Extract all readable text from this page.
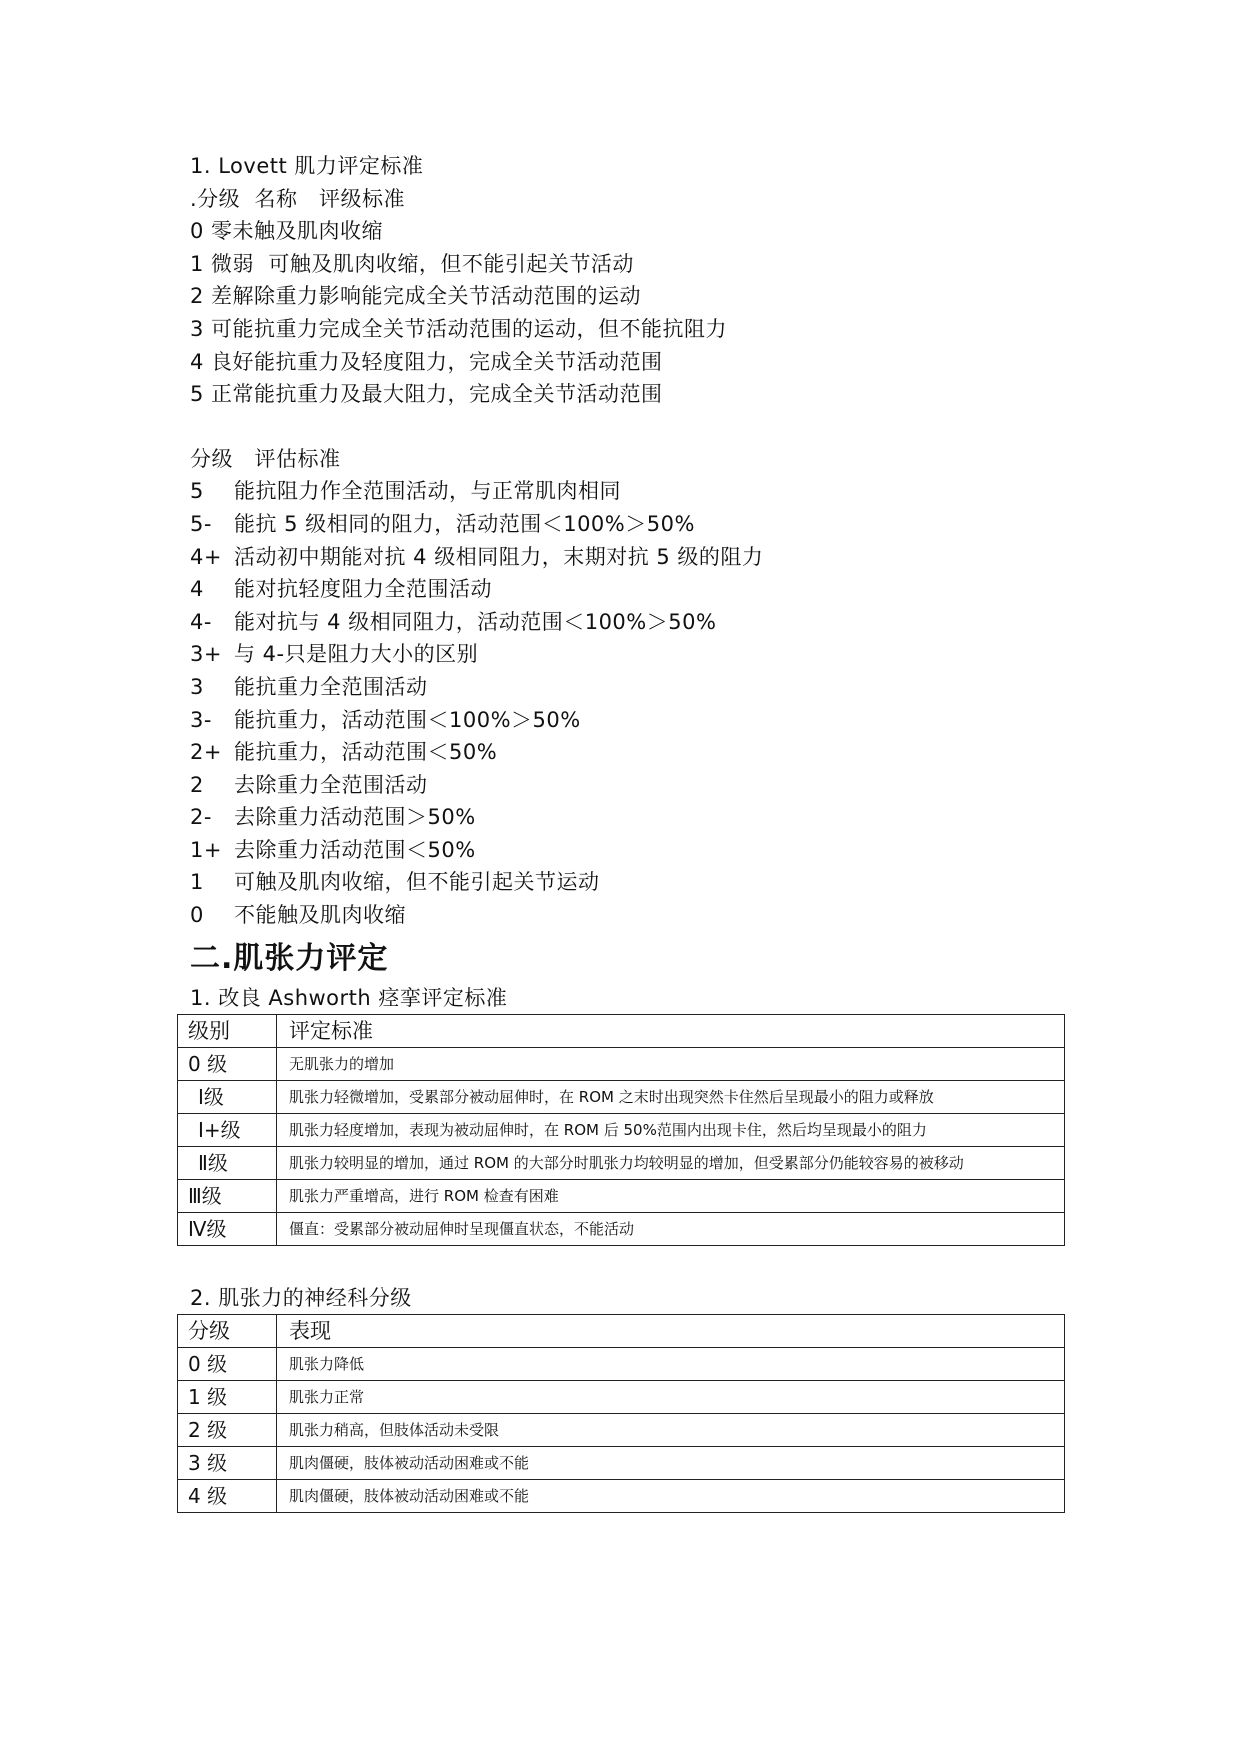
1. Lovett 肌力评定标准
.分级  名称   评级标准
0 零未触及肌肉收缩
1 微弱  可触及肌肉收缩，但不能引起关节活动
2 差解除重力影响能完成全关节活动范围的运动
3 可能抗重力完成全关节活动范围的运动，但不能抗阻力
4 良好能抗重力及轻度阻力，完成全关节活动范围
5 正常能抗重力及最大阻力，完成全关节活动范围
分级   评估标准
5	能抗阻力作全范围活动，与正常肌肉相同
5-	能抗 5 级相同的阻力，活动范围＜100%＞50%
4+ 活动初中期能对抗 4 级相同阻力，末期对抗 5 级的阻力
4	能对抗轻度阻力全范围活动
4-	能对抗与 4 级相同阻力，活动范围＜100%＞50%
3+ 与 4-只是阻力大小的区别
3	能抗重力全范围活动
3-	能抗重力，活动范围＜100%＞50%
2+ 能抗重力，活动范围＜50%
2	去除重力全范围活动
2-	去除重力活动范围＞50%
1+ 去除重力活动范围＜50%
1	可触及肌肉收缩，但不能引起关节运动
0	不能触及肌肉收缩
二.肌张力评定
1. 改良 Ashworth 痉挛评定标准
级别	评定标准
0 级	无肌张力的增加
Ⅰ级	肌张力轻微增加，受累部分被动屈伸时，在 ROM 之末时出现突然卡住然后呈现最小的阻力或释放
Ⅰ+级	肌张力轻度增加，表现为被动屈伸时，在 ROM 后 50%范围内出现卡住，然后均呈现最小的阻力
Ⅱ级	肌张力较明显的增加，通过 ROM 的大部分时肌张力均较明显的增加，但受累部分仍能较容易的被移动
Ⅲ级	肌张力严重增高，进行 ROM 检查有困难
Ⅳ级	僵直：受累部分被动屈伸时呈现僵直状态，不能活动
2. 肌张力的神经科分级
分级	表现
0 级	肌张力降低
1 级	肌张力正常
2 级	肌张力稍高，但肢体活动未受限
3 级	肌肉僵硬，肢体被动活动困难或不能
4 级	肌肉僵硬，肢体被动活动困难或不能
